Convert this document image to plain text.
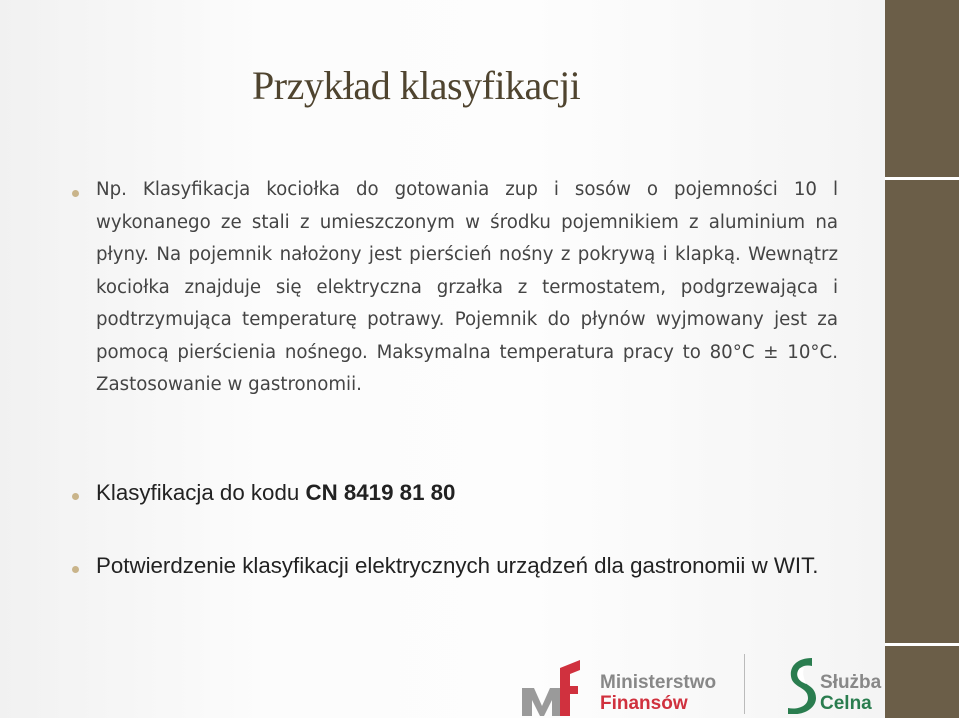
Przykład klasyfikacji
Np. Klasyfikacja kociołka do gotowania zup i sosów o pojemności 10 l wykonanego ze stali z umieszczonym w środku pojemnikiem z aluminium na płyny. Na pojemnik nałożony jest pierścień nośny z pokrywą i klapką. Wewnątrz kociołka znajduje się elektryczna grzałka z termostatem, podgrzewająca i podtrzymująca temperaturę potrawy. Pojemnik do płynów wyjmowany jest za pomocą pierścienia nośnego. Maksymalna temperatura pracy to 80°C ± 10°C. Zastosowanie w gastronomii.
Klasyfikacja do kodu CN 8419 81 80
Potwierdzenie klasyfikacji elektrycznych urządzeń dla gastronomii w WIT.
Ministerstwo
Finansów
Służba
Celna
